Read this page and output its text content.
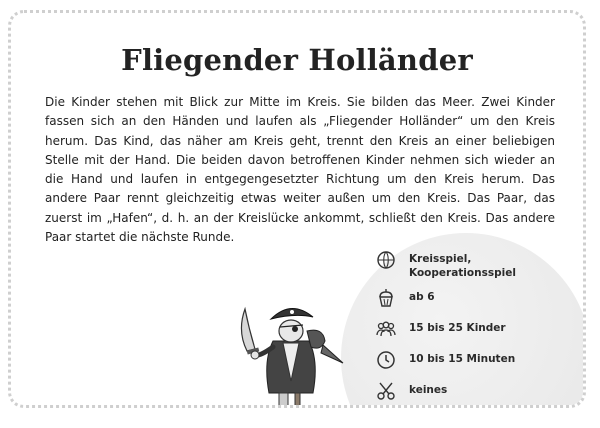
Fliegender Holländer
Die Kinder stehen mit Blick zur Mitte im Kreis. Sie bilden das Meer. Zwei Kinder fassen sich an den Händen und laufen als „Fliegender Holländer“ um den Kreis herum. Das Kind, das näher am Kreis geht, trennt den Kreis an einer beliebigen Stelle mit der Hand. Die beiden davon betroffenen Kinder nehmen sich wieder an die Hand und laufen in entgegengesetzter Richtung um den Kreis herum. Das andere Paar rennt gleichzeitig etwas weiter außen um den Kreis. Das Paar, das zuerst im „Hafen“, d. h. an der Kreislücke ankommt, schließt den Kreis. Das andere Paar startet die nächste Runde.
Kreisspiel, Kooperationsspiel
ab 6
15 bis 25 Kinder
10 bis 15 Minuten
keines
